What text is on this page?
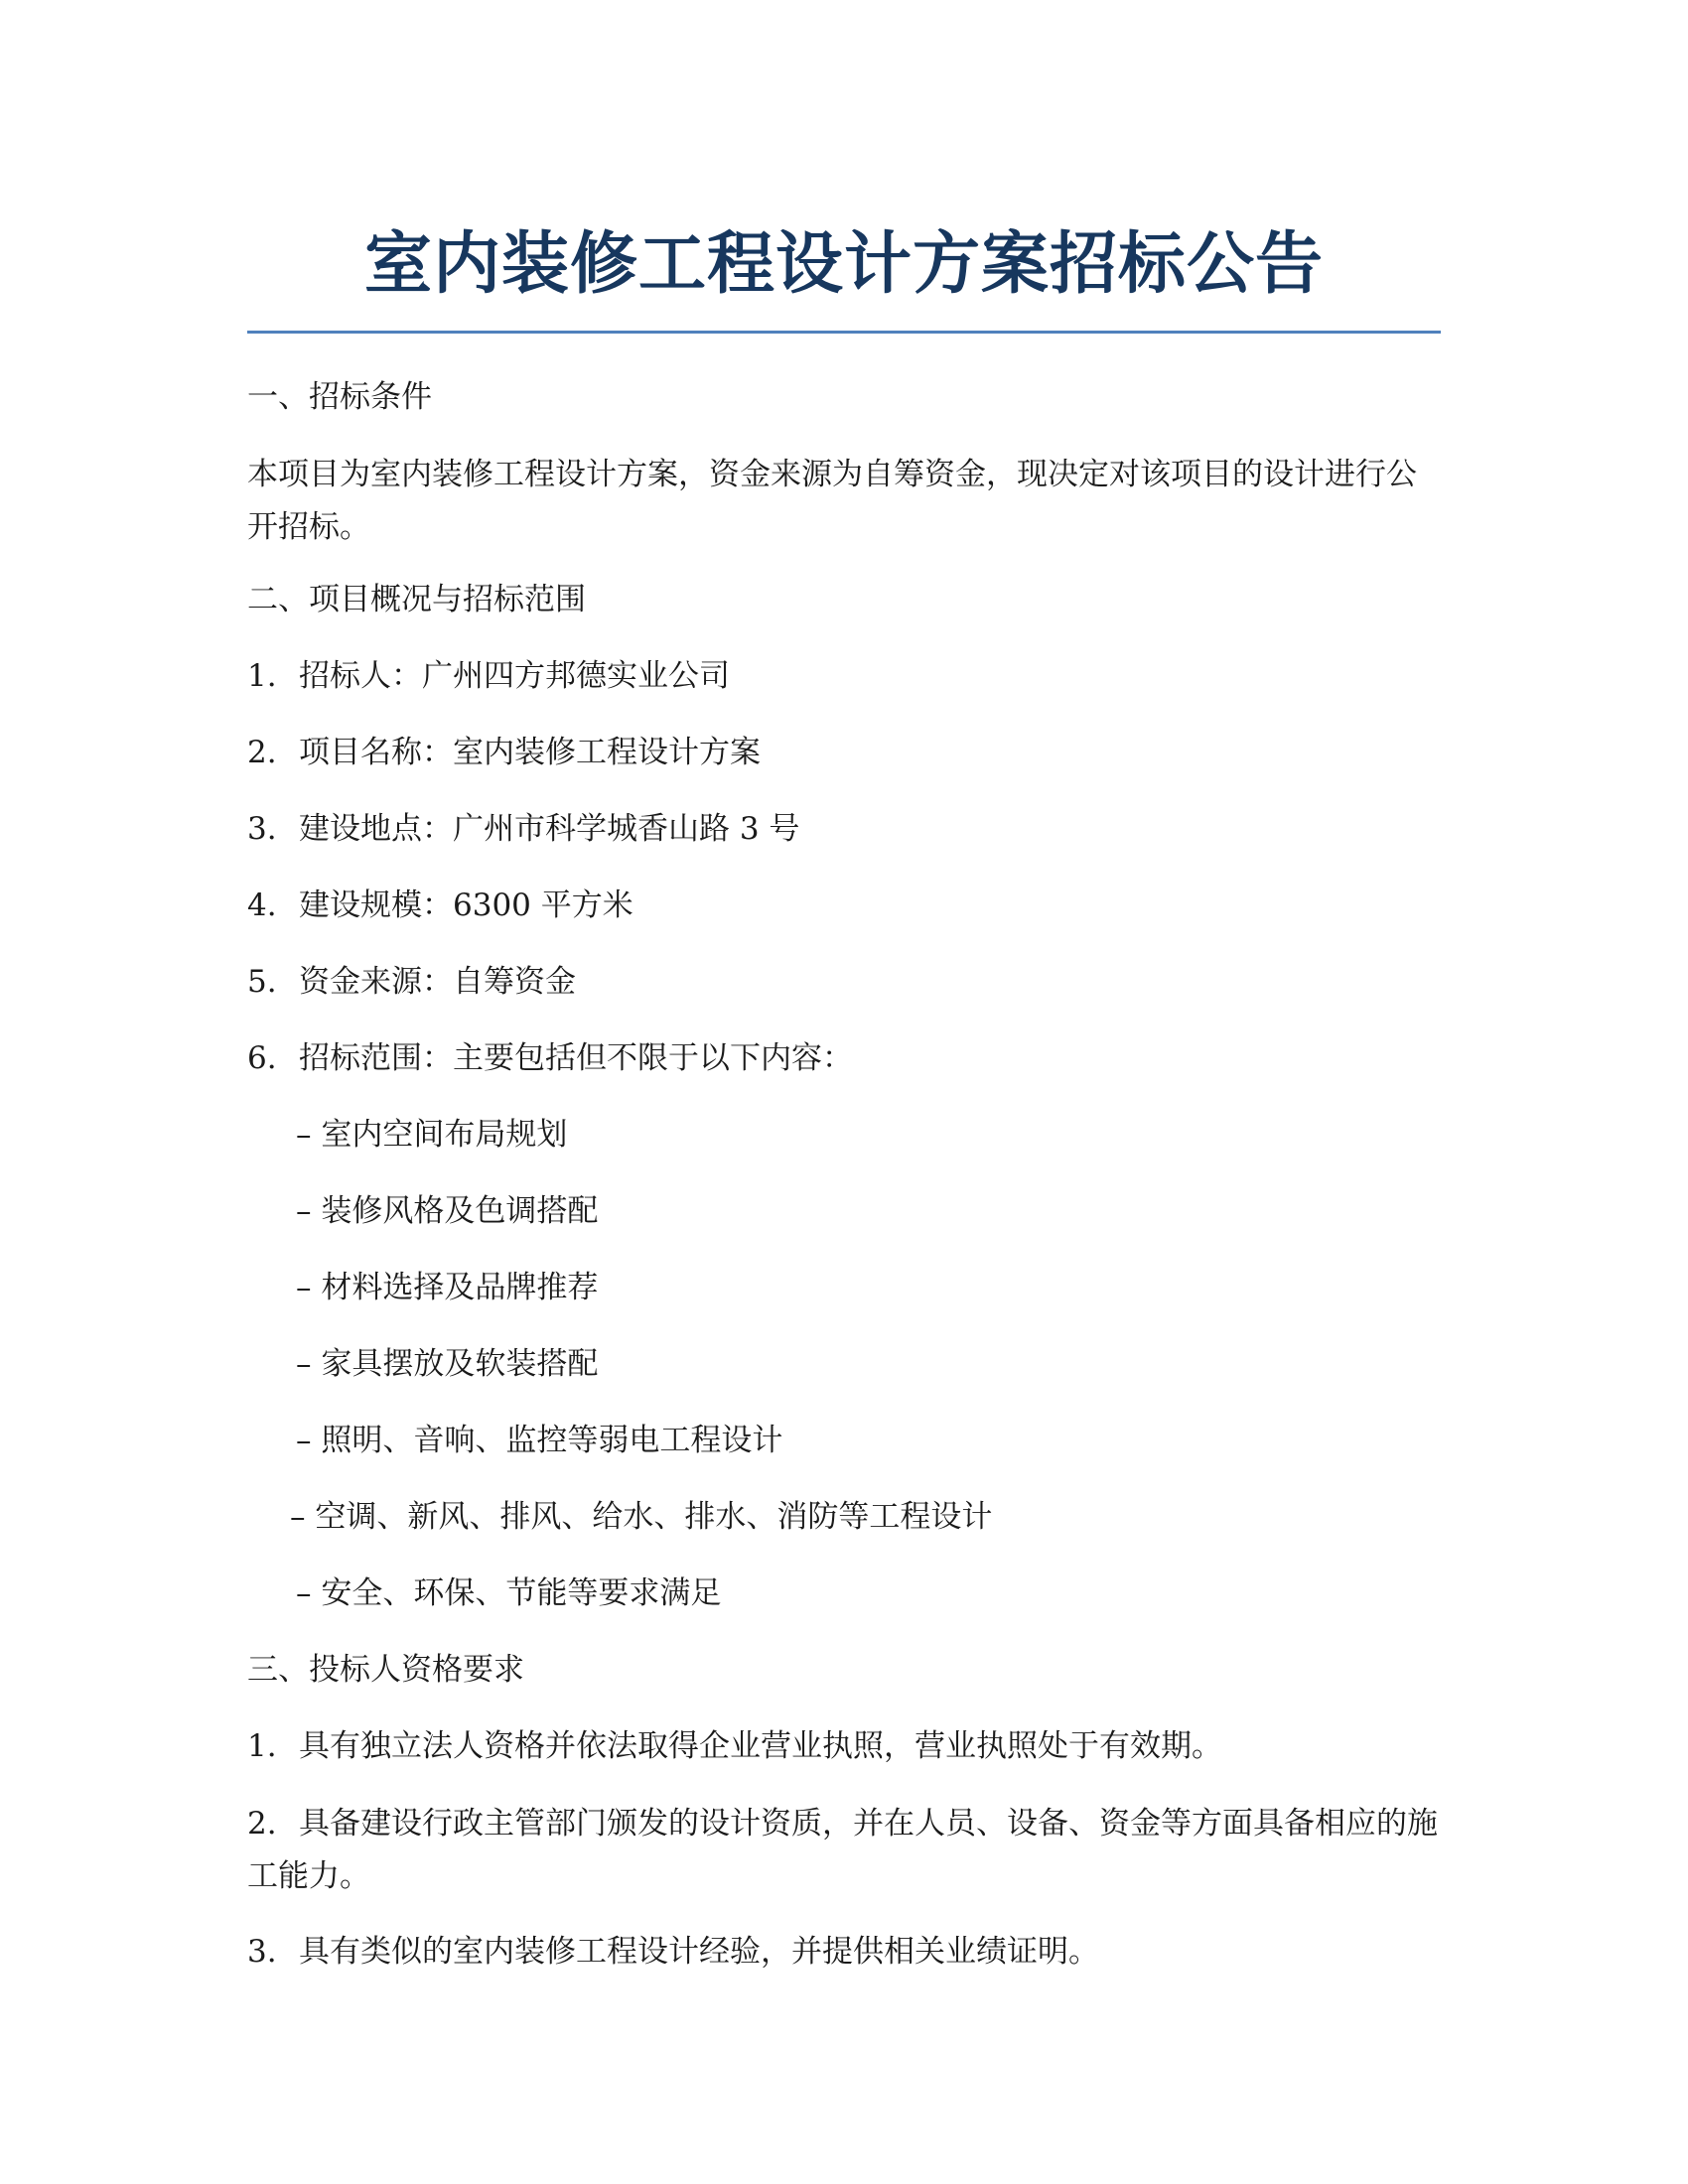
室内装修工程设计方案招标公告

一、招标条件

本项目为室内装修工程设计方案，资金来源为自筹资金，现决定对该项目的设计进行公开招标。

二、项目概况与招标范围

1. 招标人：广州四方邦德实业公司

2. 项目名称：室内装修工程设计方案

3. 建设地点：广州市科学城香山路 3 号

4. 建设规模：6300 平方米

5. 资金来源：自筹资金

6. 招标范围：主要包括但不限于以下内容：

– 室内空间布局规划

– 装修风格及色调搭配

– 材料选择及品牌推荐

– 家具摆放及软装搭配

– 照明、音响、监控等弱电工程设计

– 空调、新风、排风、给水、排水、消防等工程设计

– 安全、环保、节能等要求满足

三、投标人资格要求

1. 具有独立法人资格并依法取得企业营业执照，营业执照处于有效期。

2. 具备建设行政主管部门颁发的设计资质，并在人员、设备、资金等方面具备相应的施工能力。

3. 具有类似的室内装修工程设计经验，并提供相关业绩证明。
